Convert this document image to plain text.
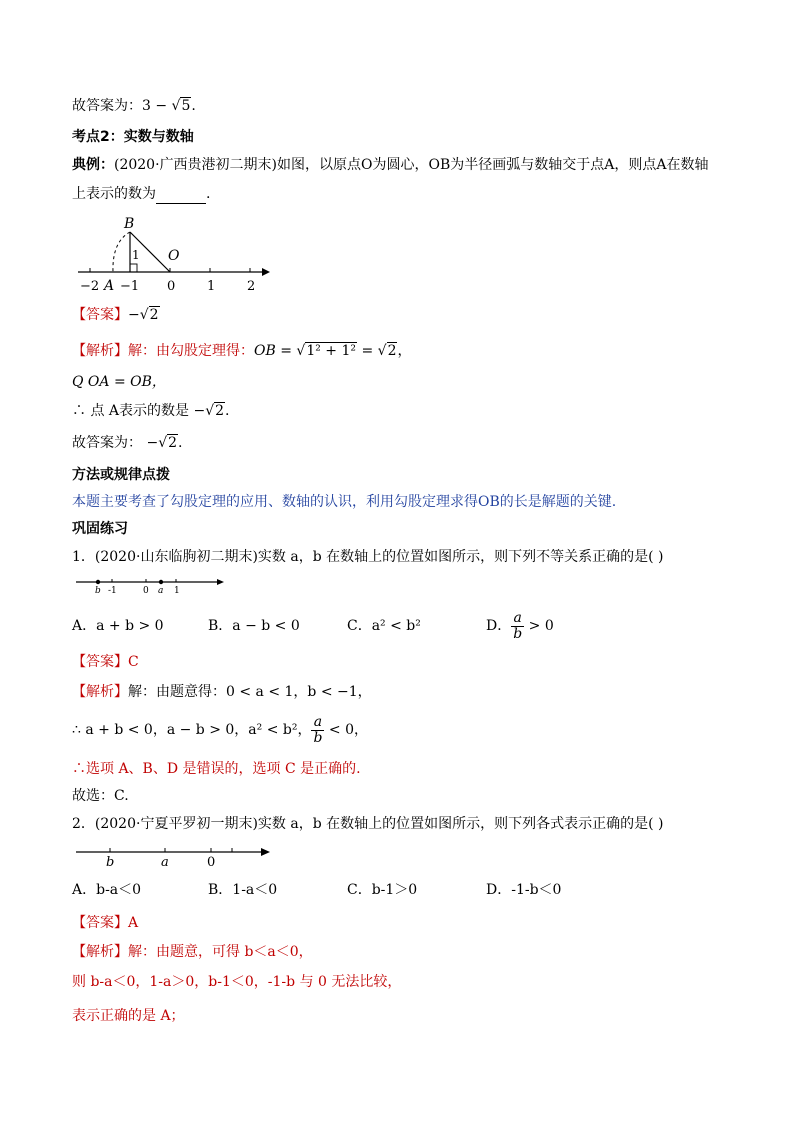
故答案为：3 − √5.
考点2：实数与数轴
典例：(2020·广西贵港初二期末)如图，以原点O为圆心，OB为半径画弧与数轴交于点A，则点A在数轴
上表示的数为	.
B
O
1
A
−2 −1 0 1 2
【答案】−√2
【解析】解：由勾股定理得：OB = √1² + 1² = √2，
Q OA = OB，
∴ 点 A表示的数是 −√2.
故答案为： −√2.
方法或规律点拨
本题主要考查了勾股定理的应用、数轴的认识，利用勾股定理求得OB的长是解题的关键.
巩固练习
1．(2020·山东临朐初二期末)实数 a，b 在数轴上的位置如图所示，则下列不等关系正确的是( )
b -1	0 a 1
A．a + b > 0	B．a − b < 0	C．a² < b²	D． $\frac{a}{b} > 0$
【答案】C
【解析】解：由题意得：0 < a < 1，b < −1，
∴ a + b < 0，a − b > 0，a² < b²， $\frac{a}{b} < 0$，
∴选项 A、B、D 是错误的，选项 C 是正确的.
故选：C.
2．(2020·宁夏平罗初一期末)实数 a，b 在数轴上的位置如图所示，则下列各式表示正确的是( )
b	a	0
A．b-a＜0	B．1-a＜0	C．b-1＞0	D．-1-b＜0
【答案】A
【解析】解：由题意，可得 b＜a＜0，
则 b-a＜0，1-a＞0，b-1＜0，-1-b 与 0 无法比较，
表示正确的是 A；
